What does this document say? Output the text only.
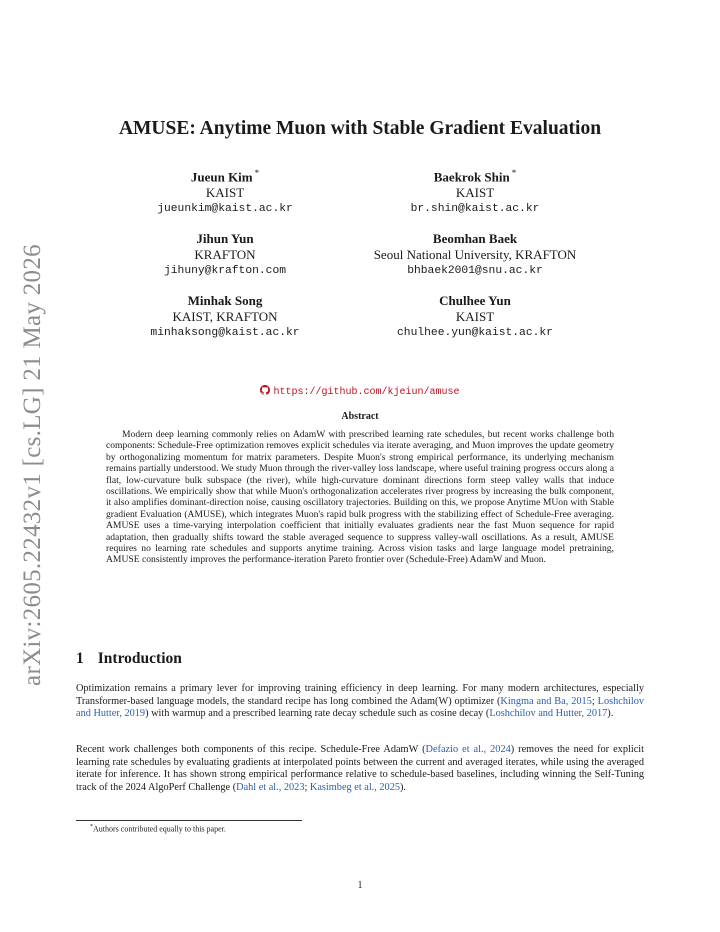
arXiv:2605.22432v1 [cs.LG] 21 May 2026
AMUSE: Anytime Muon with Stable Gradient Evaluation
Jueun Kim *
KAIST
jueunkim@kaist.ac.kr
Baekrok Shin *
KAIST
br.shin@kaist.ac.kr
Jihun Yun
KRAFTON
jihuny@krafton.com
Beomhan Baek
Seoul National University, KRAFTON
bhbaek2001@snu.ac.kr
Minhak Song
KAIST, KRAFTON
minhaksong@kaist.ac.kr
Chulhee Yun
KAIST
chulhee.yun@kaist.ac.kr
https://github.com/kjeiun/amuse
Abstract

Modern deep learning commonly relies on AdamW with prescribed learning rate schedules, but recent works challenge both components: Schedule-Free optimization removes explicit schedules via iterate averaging, and Muon improves the update geometry by orthogonalizing momentum for matrix parameters. Despite Muon's strong empirical performance, its underlying mechanism remains partially understood. We study Muon through the river-valley loss landscape, where useful training progress occurs along a flat, low-curvature bulk subspace (the river), while high-curvature dominant directions form steep valley walls that induce oscillations. We empirically show that while Muon's orthogonalization accelerates river progress by increasing the bulk component, it also amplifies dominant-direction noise, causing oscillatory trajectories. Building on this, we propose Anytime MUon with Stable gradient Evaluation (AMUSE), which integrates Muon's rapid bulk progress with the stabilizing effect of Schedule-Free averaging. AMUSE uses a time-varying interpolation coefficient that initially evaluates gradients near the fast Muon sequence for rapid adaptation, then gradually shifts toward the stable averaged sequence to suppress valley-wall oscillations. As a result, AMUSE requires no learning rate schedules and supports anytime training. Across vision tasks and large language model pretraining, AMUSE consistently improves the performance-iteration Pareto frontier over (Schedule-Free) AdamW and Muon.

1 Introduction

Optimization remains a primary lever for improving training efficiency in deep learning. For many modern architectures, especially Transformer-based language models, the standard recipe has long combined the Adam(W) optimizer (Kingma and Ba, 2015; Loshchilov and Hutter, 2019) with warmup and a prescribed learning rate decay schedule such as cosine decay (Loshchilov and Hutter, 2017).

Recent work challenges both components of this recipe. Schedule-Free AdamW (Defazio et al., 2024) removes the need for explicit learning rate schedules by evaluating gradients at interpolated points between the current and averaged iterates, while using the averaged iterate for inference. It has shown strong empirical performance relative to schedule-based baselines, including winning the Self-Tuning track of the 2024 AlgoPerf Challenge (Dahl et al., 2023; Kasimbeg et al., 2025).

*Authors contributed equally to this paper.
1
